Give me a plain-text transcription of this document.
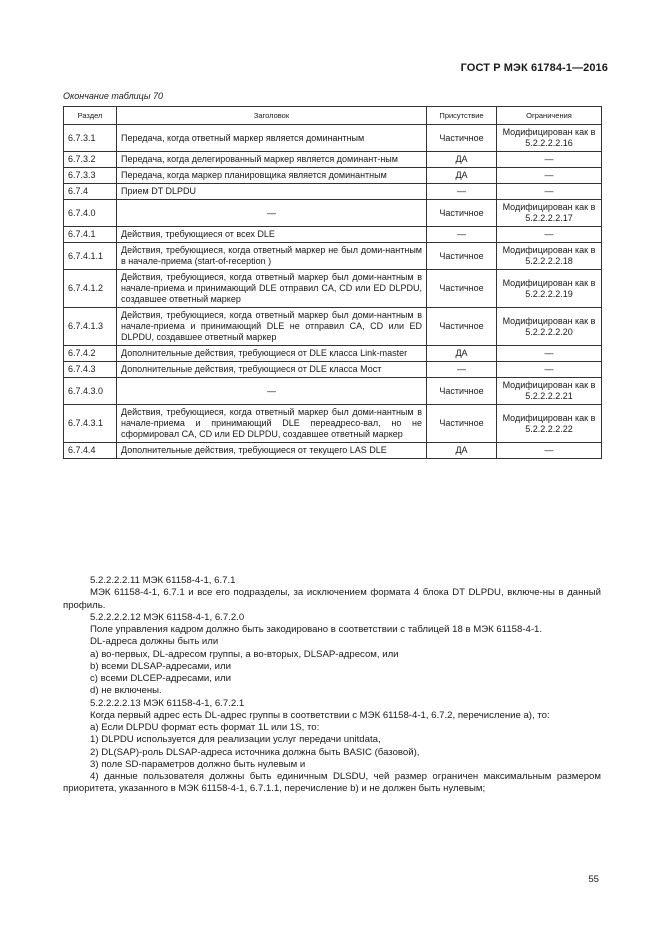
ГОСТ Р МЭК 61784-1—2016
Окончание таблицы 70
Раздел	Заголовок	Присутствие	Ограничения
6.7.3.1	Передача, когда ответный маркер является доминантным	Частичное	Модифицирован как в 5.2.2.2.2.16
6.7.3.2	Передача, когда делегированный маркер является доминант-ным	ДА	—
6.7.3.3	Передача, когда маркер планировщика является доминантным	ДА	—
6.7.4	Прием DT DLPDU	—	—
6.7.4.0	—	Частичное	Модифицирован как в 5.2.2.2.2.17
6.7.4.1	Действия, требующиеся от всех DLE	—	—
6.7.4.1.1	Действия, требующиеся, когда ответный маркер не был доми-нантным в начале-приема (start-of-reception )	Частичное	Модифицирован как в 5.2.2.2.2.18
6.7.4.1.2	Действия, требующиеся, когда ответный маркер был доми-нантным в начале-приема и принимающий DLE отправил CA, CD или ED DLPDU, создавшее ответный маркер	Частичное	Модифицирован как в 5.2.2.2.2.19
6.7.4.1.3	Действия, требующиеся, когда ответный маркер был доми-нантным в начале-приема и принимающий DLE не отправил CA, CD или ED DLPDU, создавшее ответный маркер	Частичное	Модифицирован как в 5.2.2.2.2.20
6.7.4.2	Дополнительные действия, требующиеся от DLE класса Link-master	ДА	—
6.7.4.3	Дополнительные действия, требующиеся от DLE класса Мост	—	—
6.7.4.3.0	—	Частичное	Модифицирован как в 5.2.2.2.2.21
6.7.4.3.1	Действия, требующиеся, когда ответный маркер был доми-нантным в начале-приема и принимающий DLE переадресо-вал, но не сформировал CA, CD или ED DLPDU, создавшее ответный маркер	Частичное	Модифицирован как в 5.2.2.2.2.22
6.7.4.4	Дополнительные действия, требующиеся от текущего LAS DLE	ДА	—

5.2.2.2.2.11 МЭК 61158-4-1, 6.7.1

МЭК 61158-4-1, 6.7.1 и все его подразделы, за исключением формата 4 блока DT DLPDU, включе-ны в данный профиль.

5.2.2.2.2.12 МЭК 61158-4-1, 6.7.2.0

Поле управления кадром должно быть закодировано в соответствии с таблицей 18 в МЭК 61158-4-1.

DL-адреса должны быть или

a) во-первых, DL-адресом группы, а во-вторых, DLSAP-адресом, или

b) всеми DLSAP-адресами, или

c) всеми DLCEP-адресами, или

d) не включены.

5.2.2.2.2.13 МЭК 61158-4-1, 6.7.2.1

Когда первый адрес есть DL-адрес группы в соответствии с МЭК 61158-4-1, 6.7.2, перечисление a), то:

a) Если DLPDU формат есть формат 1L или 1S, то:

1) DLPDU используется для реализации услуг передачи unitdata,

2) DL(SAP)-роль DLSAP-адреса источника должна быть BASIC (базовой),

3) поле SD-параметров должно быть нулевым и

4) данные пользователя должны быть единичным DLSDU, чей размер ограничен максимальным размером приоритета, указанного в МЭК 61158-4-1, 6.7.1.1, перечисление b) и не должен быть нулевым;

55
